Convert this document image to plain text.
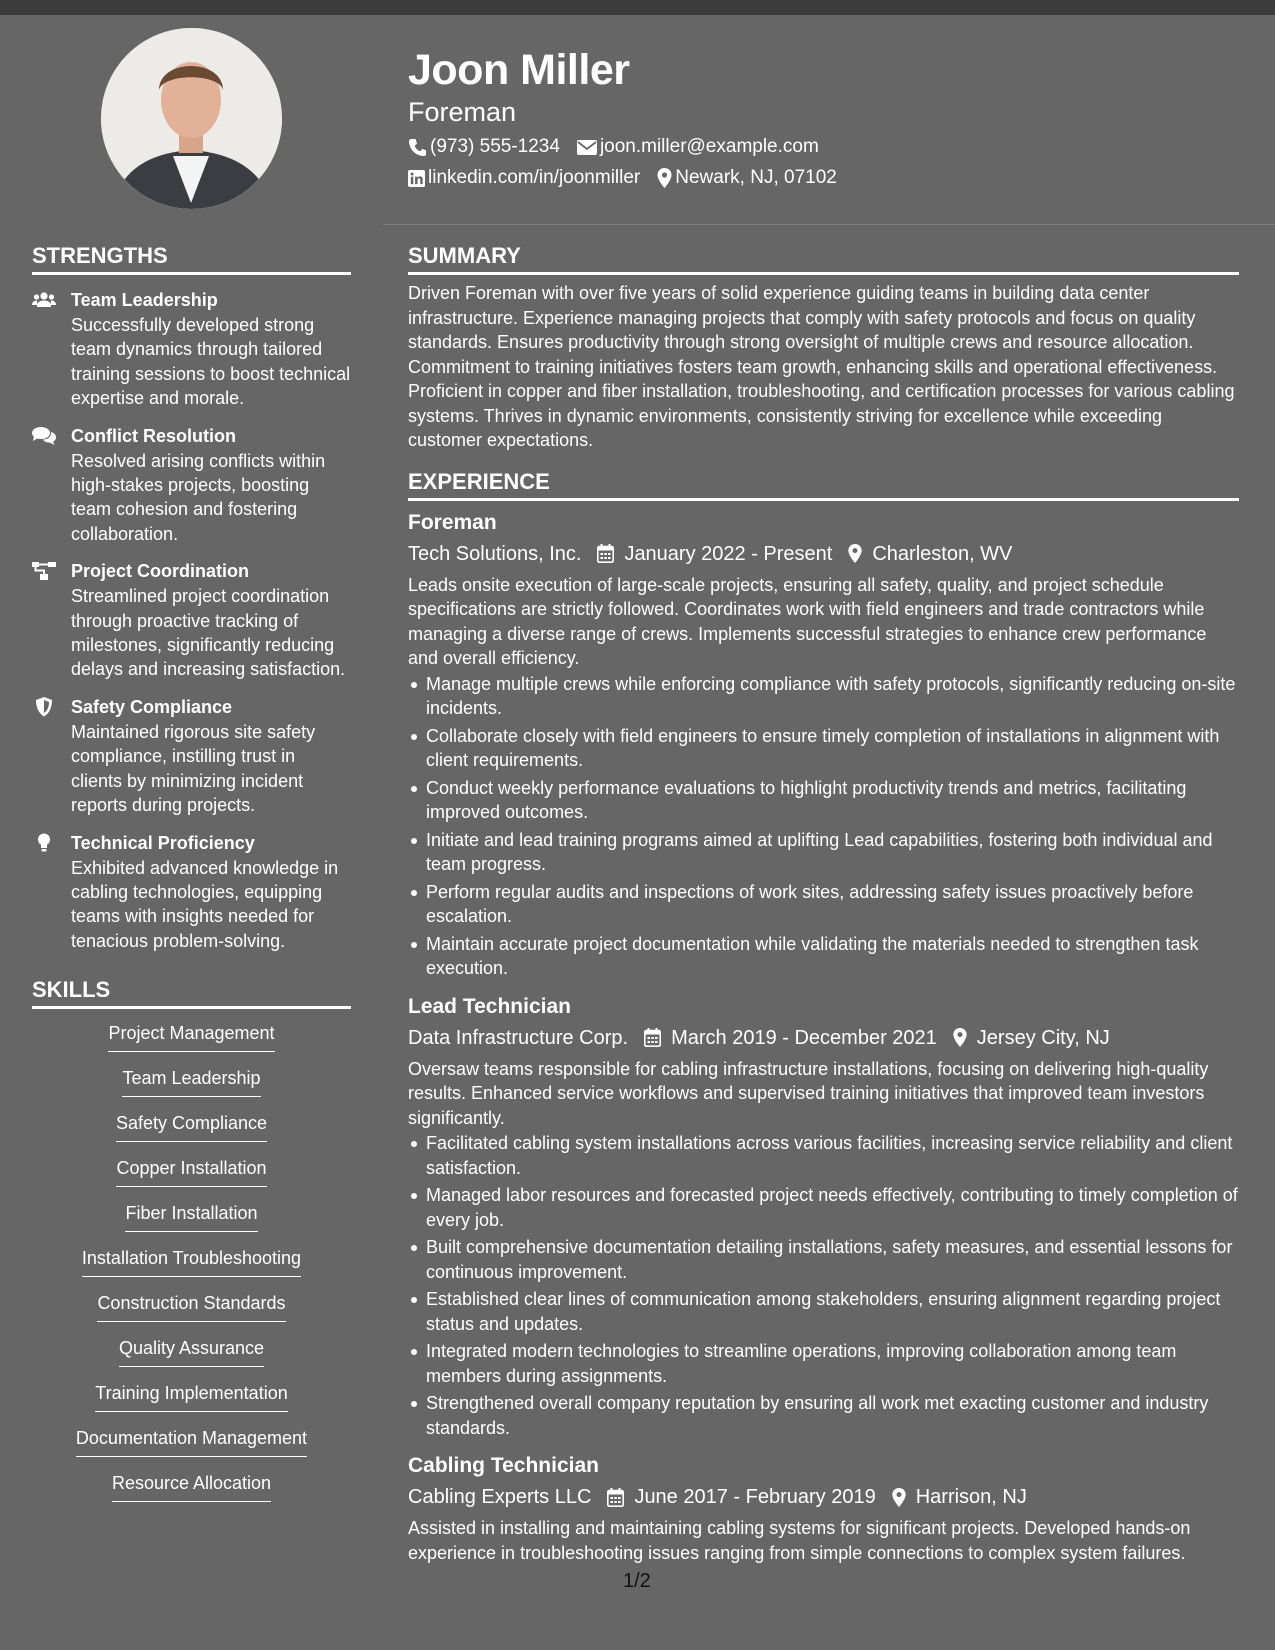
Joon Miller
Foreman
(973) 555-1234 joon.miller@example.com
linkedin.com/in/joonmiller Newark, NJ, 07102
STRENGTHS
Team Leadership
Successfully developed strong team dynamics through tailored training sessions to boost technical expertise and morale.
Conflict Resolution
Resolved arising conflicts within high-stakes projects, boosting team cohesion and fostering collaboration.
Project Coordination
Streamlined project coordination through proactive tracking of milestones, significantly reducing delays and increasing satisfaction.
Safety Compliance
Maintained rigorous site safety compliance, instilling trust in clients by minimizing incident reports during projects.
Technical Proficiency
Exhibited advanced knowledge in cabling technologies, equipping teams with insights needed for tenacious problem-solving.
SKILLS
Project Management
Team Leadership
Safety Compliance
Copper Installation
Fiber Installation
Installation Troubleshooting
Construction Standards
Quality Assurance
Training Implementation
Documentation Management
Resource Allocation
SUMMARY
Driven Foreman with over five years of solid experience guiding teams in building data center infrastructure. Experience managing projects that comply with safety protocols and focus on quality standards. Ensures productivity through strong oversight of multiple crews and resource allocation. Commitment to training initiatives fosters team growth, enhancing skills and operational effectiveness. Proficient in copper and fiber installation, troubleshooting, and certification processes for various cabling systems. Thrives in dynamic environments, consistently striving for excellence while exceeding customer expectations.
EXPERIENCE
Foreman
Tech Solutions, Inc. January 2022 - Present Charleston, WV
Leads onsite execution of large-scale projects, ensuring all safety, quality, and project schedule specifications are strictly followed. Coordinates work with field engineers and trade contractors while managing a diverse range of crews. Implements successful strategies to enhance crew performance and overall efficiency.
Manage multiple crews while enforcing compliance with safety protocols, significantly reducing on-site incidents.
Collaborate closely with field engineers to ensure timely completion of installations in alignment with client requirements.
Conduct weekly performance evaluations to highlight productivity trends and metrics, facilitating improved outcomes.
Initiate and lead training programs aimed at uplifting Lead capabilities, fostering both individual and team progress.
Perform regular audits and inspections of work sites, addressing safety issues proactively before escalation.
Maintain accurate project documentation while validating the materials needed to strengthen task execution.
Lead Technician
Data Infrastructure Corp. March 2019 - December 2021 Jersey City, NJ
Oversaw teams responsible for cabling infrastructure installations, focusing on delivering high-quality results. Enhanced service workflows and supervised training initiatives that improved team investors significantly.
Facilitated cabling system installations across various facilities, increasing service reliability and client satisfaction.
Managed labor resources and forecasted project needs effectively, contributing to timely completion of every job.
Built comprehensive documentation detailing installations, safety measures, and essential lessons for continuous improvement.
Established clear lines of communication among stakeholders, ensuring alignment regarding project status and updates.
Integrated modern technologies to streamline operations, improving collaboration among team members during assignments.
Strengthened overall company reputation by ensuring all work met exacting customer and industry standards.
Cabling Technician
Cabling Experts LLC June 2017 - February 2019 Harrison, NJ
Assisted in installing and maintaining cabling systems for significant projects. Developed hands-on experience in troubleshooting issues ranging from simple connections to complex system failures.
1/2
